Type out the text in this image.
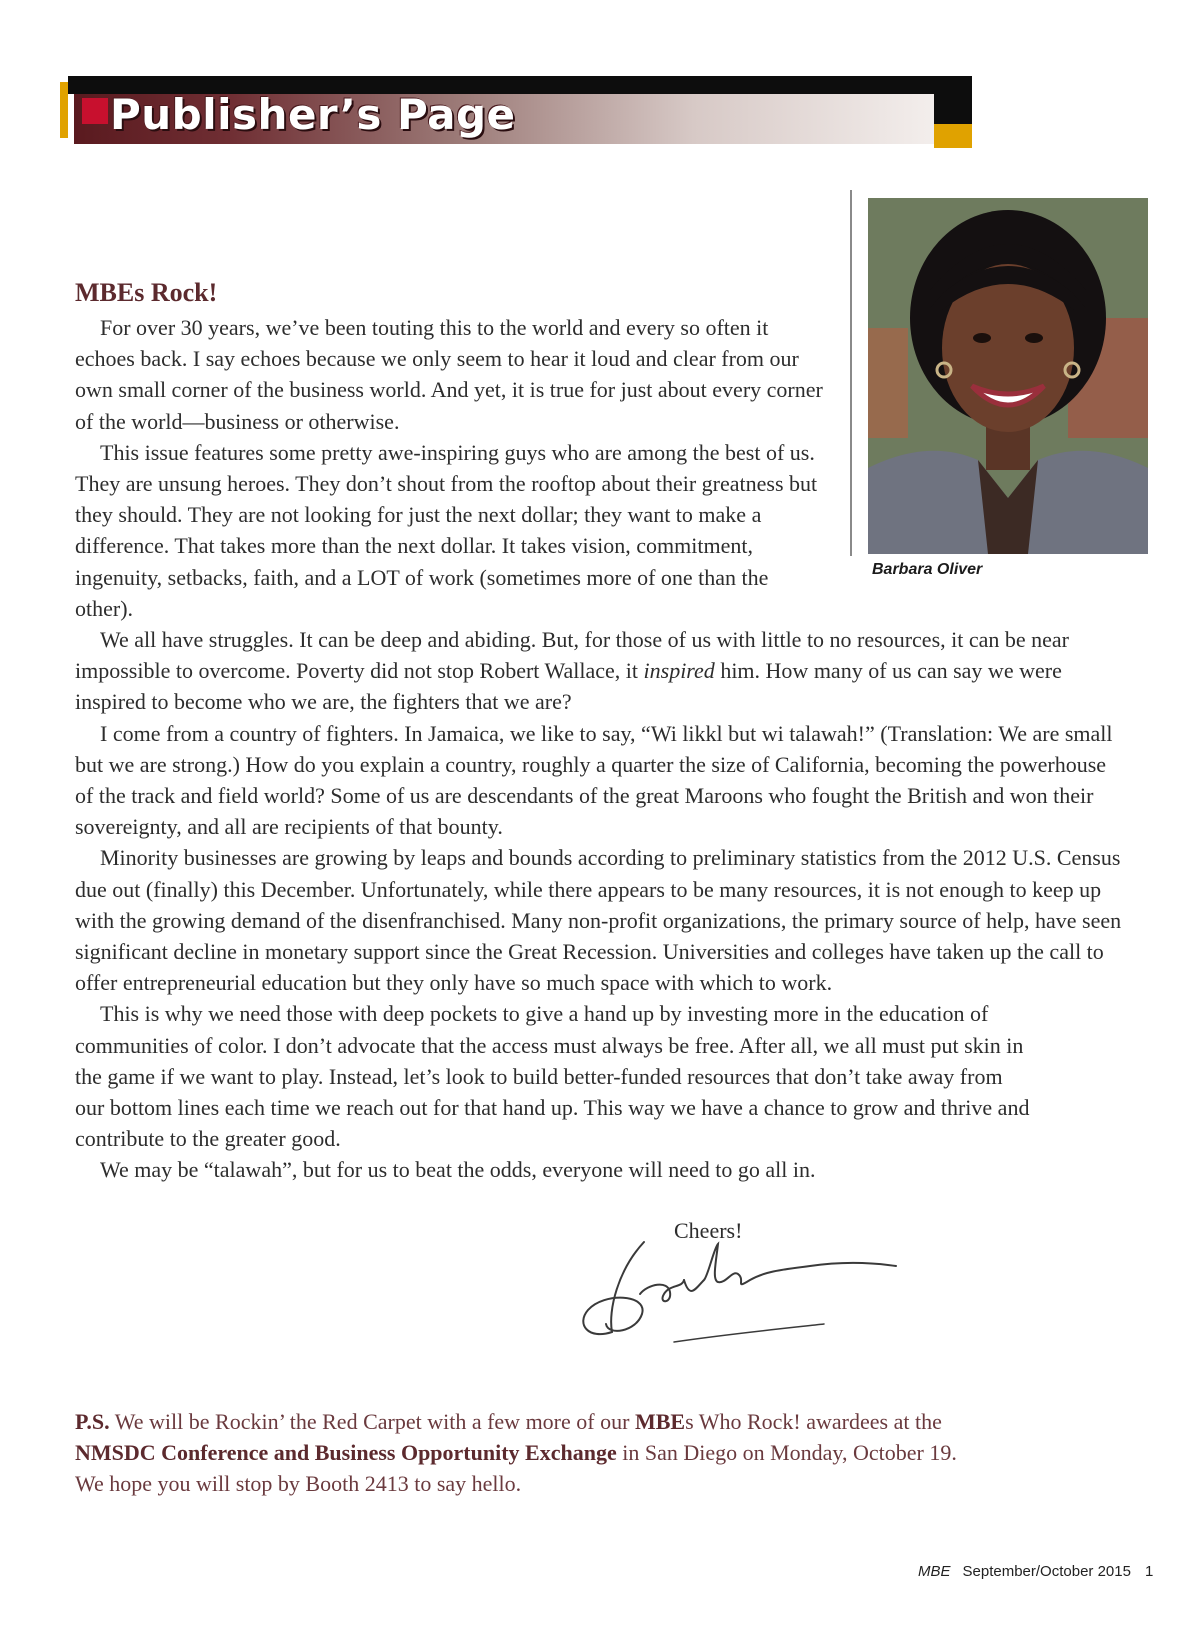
Publisher’s Page
Barbara Oliver
MBEs Rock!

For over 30 years, we’ve been touting this to the world and every so often it echoes back. I say echoes because we only seem to hear it loud and clear from our own small corner of the business world. And yet, it is true for just about every corner of the world—business or otherwise.

This issue features some pretty awe-inspiring guys who are among the best of us. They are unsung heroes. They don’t shout from the rooftop about their greatness but they should. They are not looking for just the next dollar; they want to make a difference. That takes more than the next dollar. It takes vision, commitment, ingenuity, setbacks, faith, and a LOT of work (sometimes more of one than the other).

We all have struggles. It can be deep and abiding. But, for those of us with little to no resources, it can be near impossible to overcome. Poverty did not stop Robert Wallace, it inspired him. How many of us can say we were inspired to become who we are, the fighters that we are?

I come from a country of fighters. In Jamaica, we like to say, “Wi likkl but wi talawah!” (Translation: We are small but we are strong.) How do you explain a country, roughly a quarter the size of California, becoming the powerhouse of the track and field world? Some of us are descendants of the great Maroons who fought the British and won their sovereignty, and all are recipients of that bounty.

Minority businesses are growing by leaps and bounds according to preliminary statistics from the 2012 U.S. Census due out (finally) this December. Unfortunately, while there appears to be many resources, it is not enough to keep up with the growing demand of the disenfranchised. Many non-profit organizations, the primary source of help, have seen significant decline in monetary support since the Great Recession. Universities and colleges have taken up the call to offer entrepreneurial education but they only have so much space with which to work.

This is why we need those with deep pockets to give a hand up by investing more in the education of communities of color. I don’t advocate that the access must always be free. After all, we all must put skin in the game if we want to play. Instead, let’s look to build better-funded resources that don’t take away from our bottom lines each time we reach out for that hand up. This way we have a chance to grow and thrive and contribute to the greater good.

We may be “talawah”, but for us to beat the odds, everyone will need to go all in.

Cheers!
P.S. We will be Rockin’ the Red Carpet with a few more of our MBEs Who Rock! awardees at the
NMSDC Conference and Business Opportunity Exchange in San Diego on Monday, October 19.
We hope you will stop by Booth 2413 to say hello.
MBE September/October 2015 1
